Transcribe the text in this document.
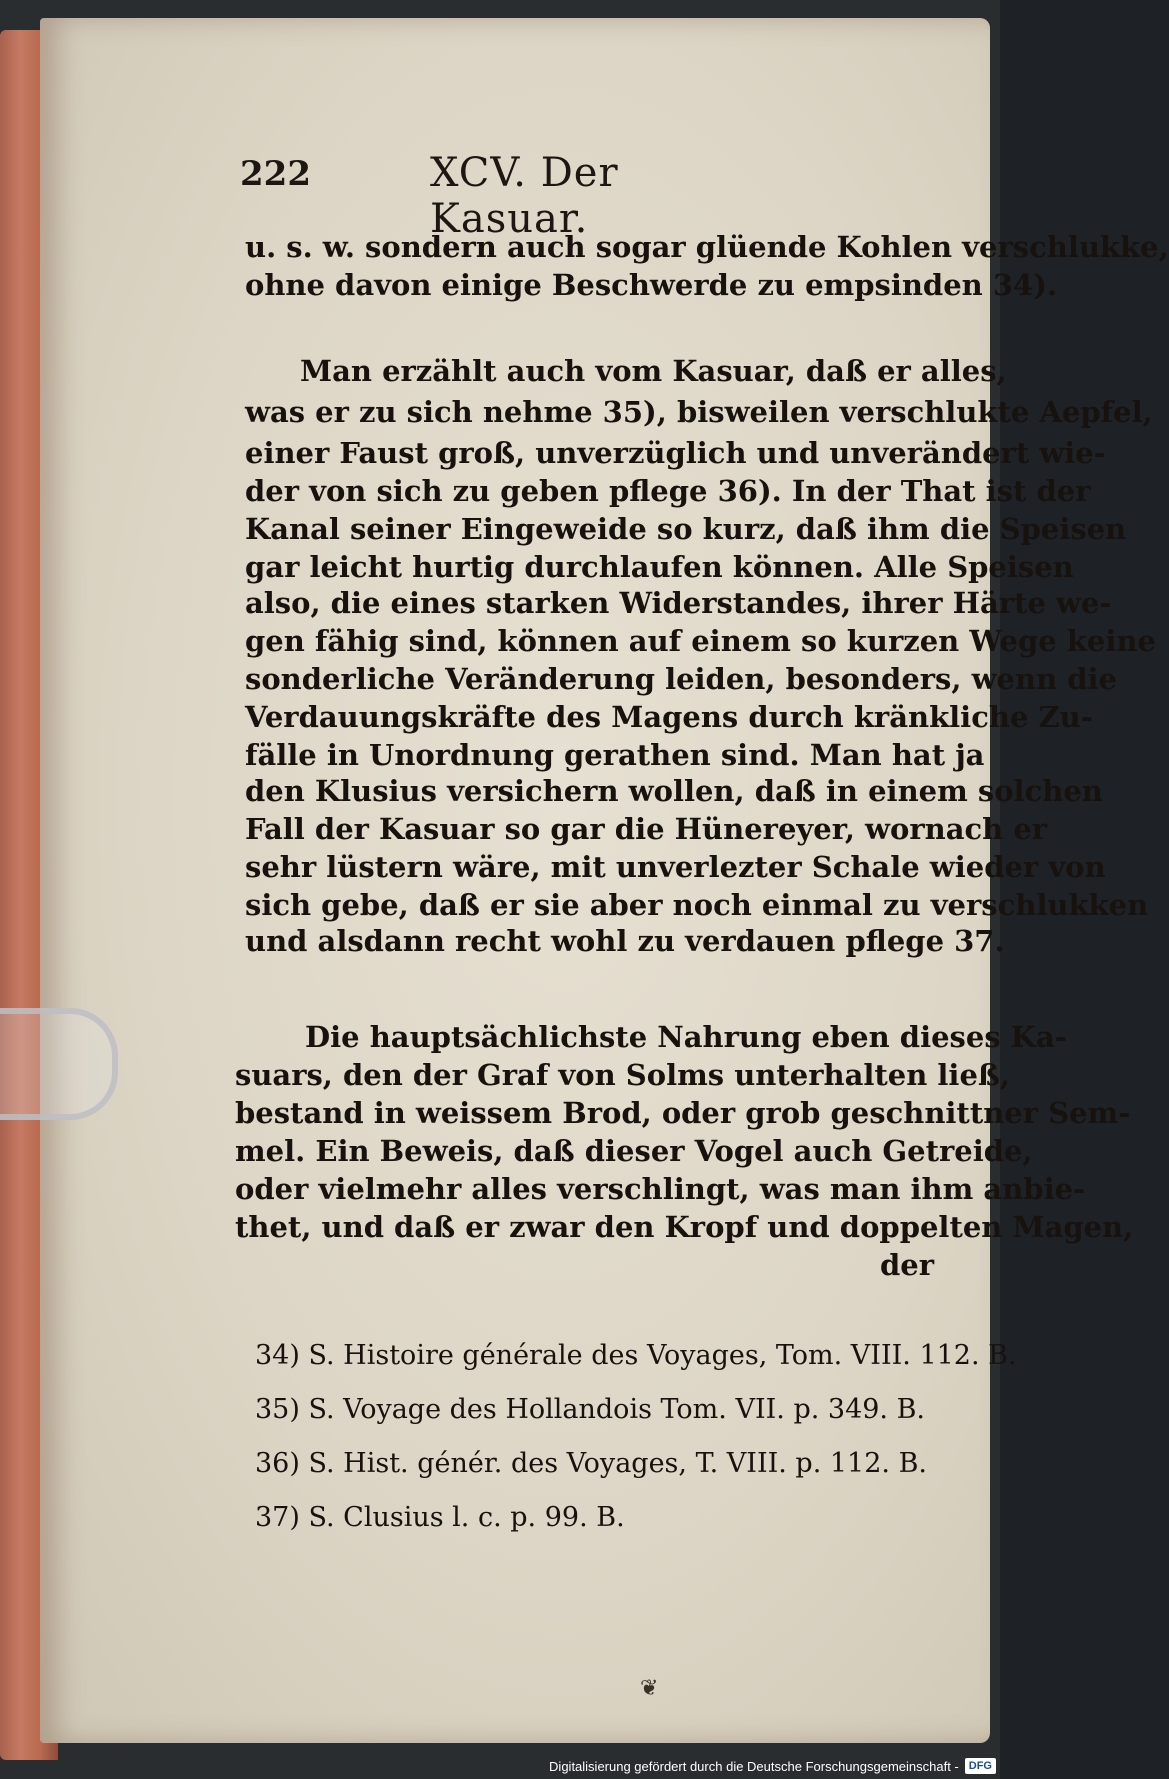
222	XCV. Der Kasuar.
u. s. w. sondern auch sogar glüende Kohlen verschlukke,
ohne davon einige Beschwerde zu empsinden 34).
Man erzählt auch vom Kasuar, daß er alles,
was er zu sich nehme 35), bisweilen verschlukte Aepfel,
einer Faust groß, unverzüglich und unverändert wie-
der von sich zu geben pflege 36). In der That ist der
Kanal seiner Eingeweide so kurz, daß ihm die Speisen
gar leicht hurtig durchlaufen können. Alle Speisen
also, die eines starken Widerstandes, ihrer Härte we-
gen fähig sind, können auf einem so kurzen Wege keine
sonderliche Veränderung leiden, besonders, wenn die
Verdauungskräfte des Magens durch kränkliche Zu-
fälle in Unordnung gerathen sind. Man hat ja
den Klusius versichern wollen, daß in einem solchen
Fall der Kasuar so gar die Hünereyer, wornach er
sehr lüstern wäre, mit unverlezter Schale wieder von
sich gebe, daß er sie aber noch einmal zu verschlukken
und alsdann recht wohl zu verdauen pflege 37.
Die hauptsächlichste Nahrung eben dieses Ka-
suars, den der Graf von Solms unterhalten ließ,
bestand in weissem Brod, oder grob geschnittner Sem-
mel. Ein Beweis, daß dieser Vogel auch Getreide,
oder vielmehr alles verschlingt, was man ihm anbie-
thet, und daß er zwar den Kropf und doppelten Magen,
der
34) S. Histoire générale des Voyages, Tom. VIII. 112. B.
35) S. Voyage des Hollandois Tom. VII. p. 349. B.
36) S. Hist. génér. des Voyages, T. VIII. p. 112. B.
37) S. Clusius l. c. p. 99. B.
❦
Digitalisierung gefördert durch die Deutsche Forschungsgemeinschaft - DFG
